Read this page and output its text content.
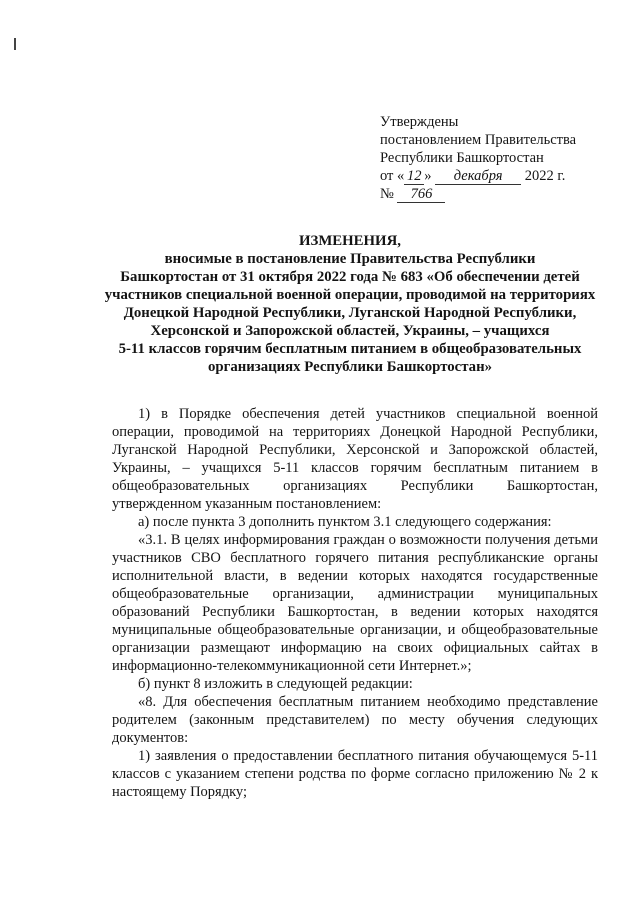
Утверждены
постановлением Правительства
Республики Башкортостан
от « 12 » декабря 2022 г.
№ 766
ИЗМЕНЕНИЯ,
вносимые в постановление Правительства Республики
Башкортостан от 31 октября 2022 года № 683 «Об обеспечении детей
участников специальной военной операции, проводимой на территориях
Донецкой Народной Республики, Луганской Народной Республики,
Херсонской и Запорожской областей, Украины, – учащихся
5-11 классов горячим бесплатным питанием в общеобразовательных
организациях Республики Башкортостан»
1) в Порядке обеспечения детей участников специальной военной операции, проводимой на территориях Донецкой Народной Республики, Луганской Народной Республики, Херсонской и Запорожской областей, Украины, – учащихся 5-11 классов горячим бесплатным питанием в общеобразовательных организациях Республики Башкортостан, утвержденном указанным постановлением:
а) после пункта 3 дополнить пунктом 3.1 следующего содержания:
«3.1. В целях информирования граждан о возможности получения детьми участников СВО бесплатного горячего питания республиканские органы исполнительной власти, в ведении которых находятся государственные общеобразовательные организации, администрации муниципальных образований Республики Башкортостан, в ведении которых находятся муниципальные общеобразовательные организации, и общеобразовательные организации размещают информацию на своих официальных сайтах в информационно-телекоммуникационной сети Интернет.»;
б) пункт 8 изложить в следующей редакции:
«8. Для обеспечения бесплатным питанием необходимо представление родителем (законным представителем) по месту обучения следующих документов:
1) заявления о предоставлении бесплатного питания обучающемуся 5-11 классов с указанием степени родства по форме согласно приложению № 2 к настоящему Порядку;
